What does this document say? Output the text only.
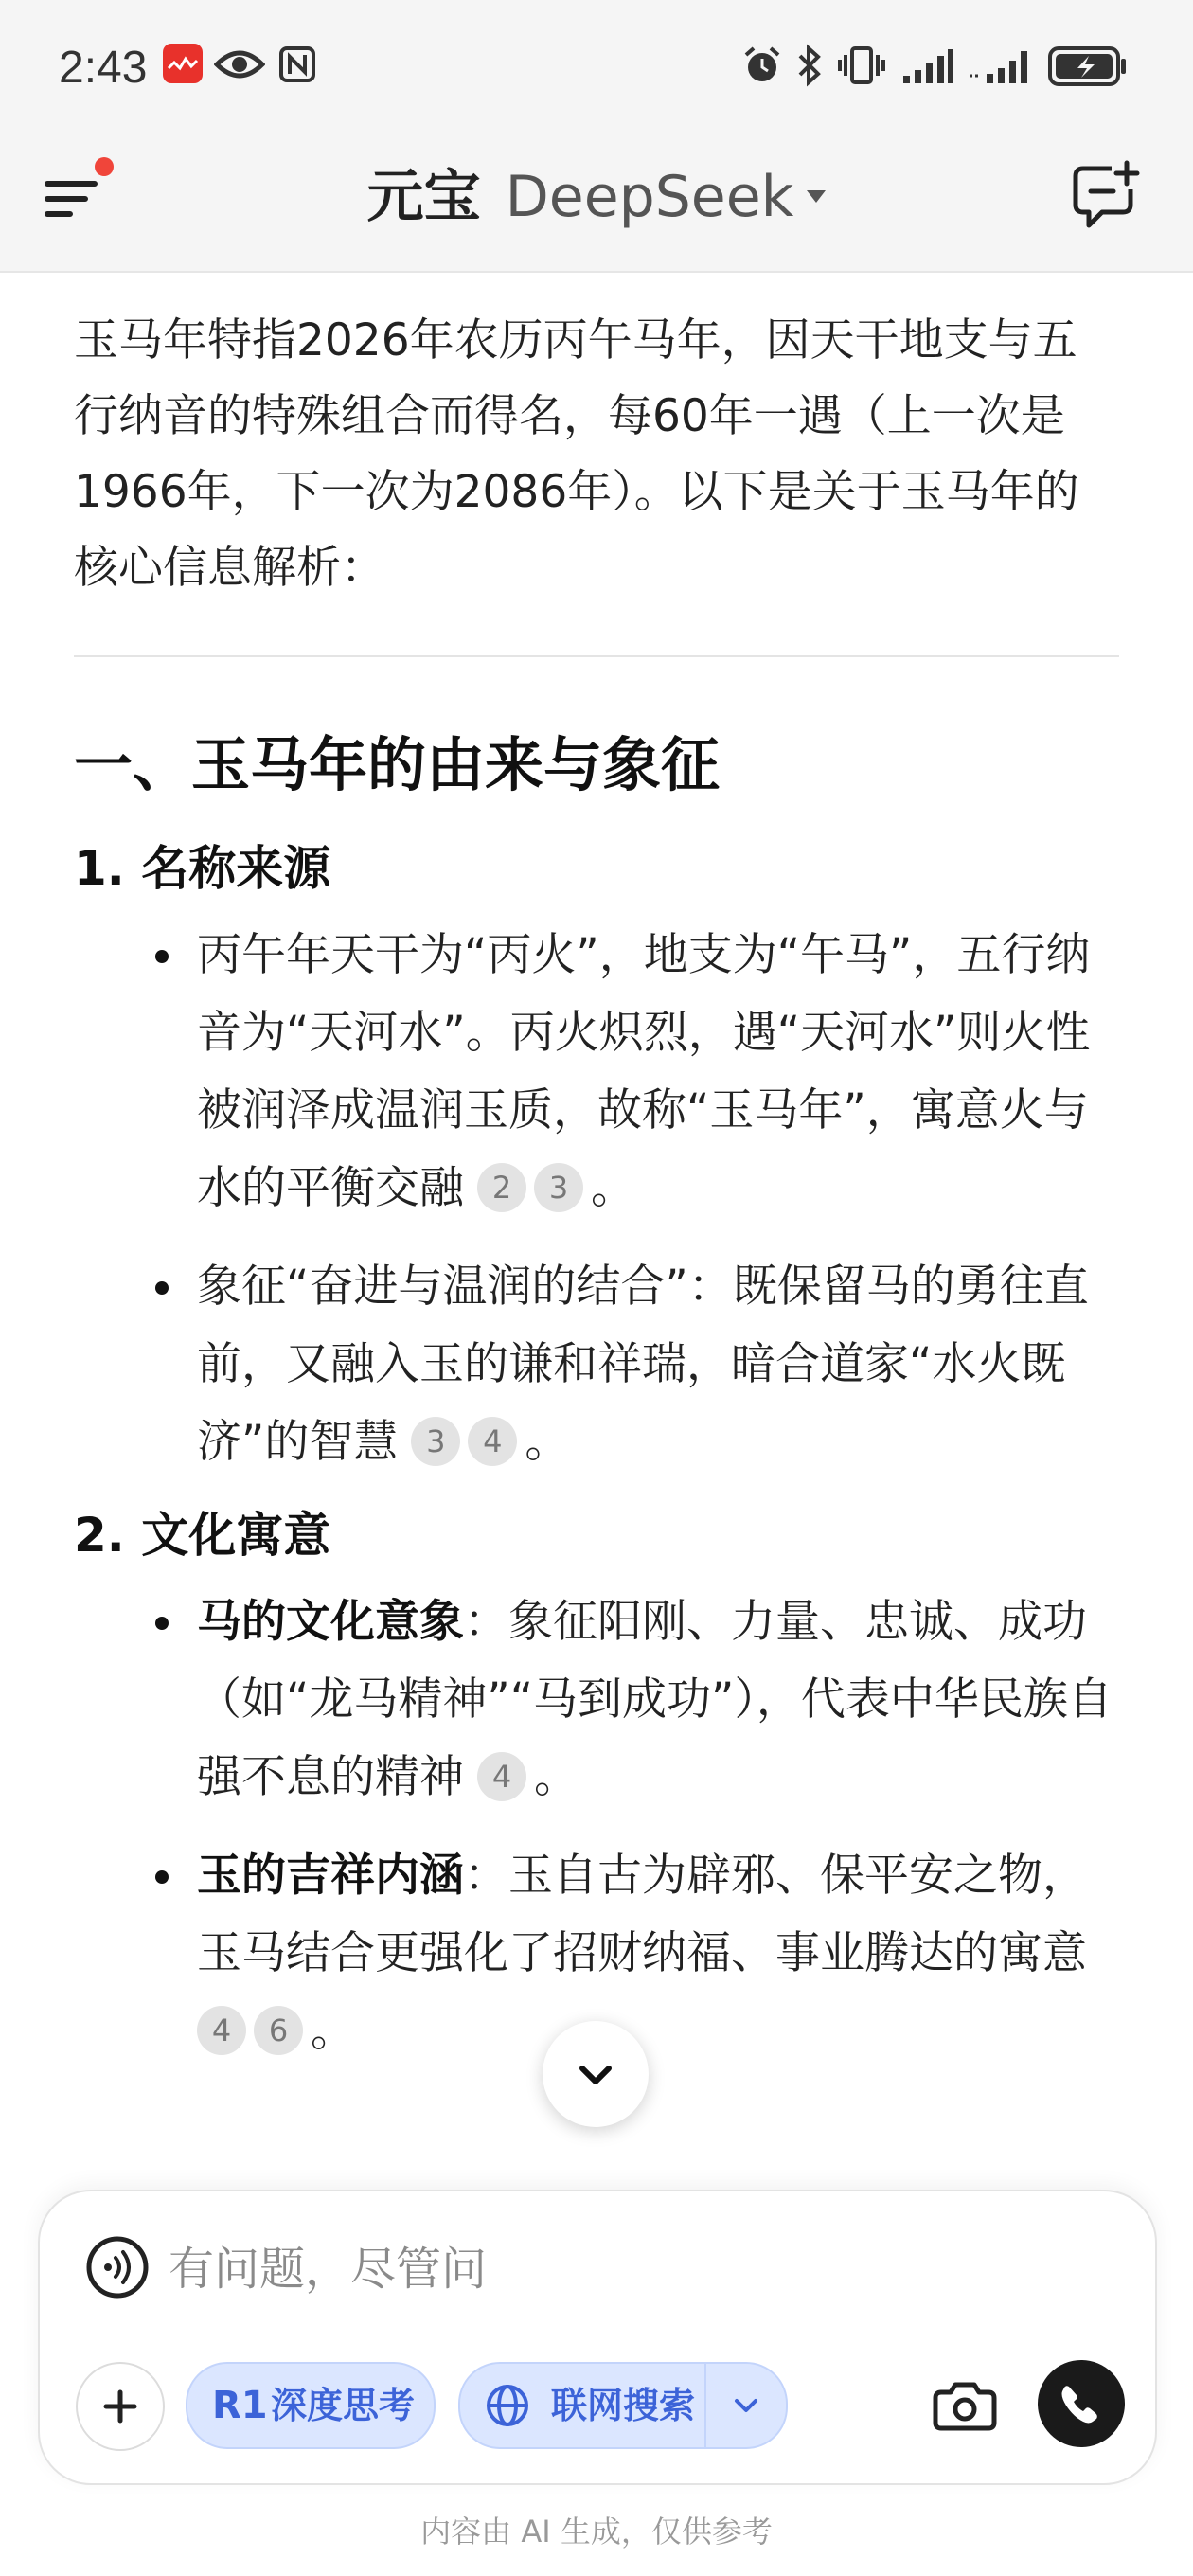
2:43
元宝 DeepSeek

玉马年特指2026年农历丙午马年，因天干地支与五行纳音的特殊组合而得名，每60年一遇（上一次是1966年，下一次为2086年）。以下是关于玉马年的核心信息解析：

一、玉马年的由来与象征
1. 名称来源
丙午年天干为“丙火”，地支为“午马”，五行纳音为“天河水”。丙火炽烈，遇“天河水”则火性被润泽成温润玉质，故称“玉马年”，寓意火与水的平衡交融 2 3 。
象征“奋进与温润的结合”：既保留马的勇往直前，又融入玉的谦和祥瑞，暗合道家“水火既济”的智慧 3 4 。
2. 文化寓意
马的文化意象：象征阳刚、力量、忠诚、成功（如“龙马精神”“马到成功”），代表中华民族自强不息的精神 4 。
玉的吉祥内涵：玉自古为辟邪、保平安之物，玉马结合更强化了招财纳福、事业腾达的寓意4 6 。
有问题，尽管问
R1 深度思考	联网搜索
内容由 AI 生成，仅供参考
